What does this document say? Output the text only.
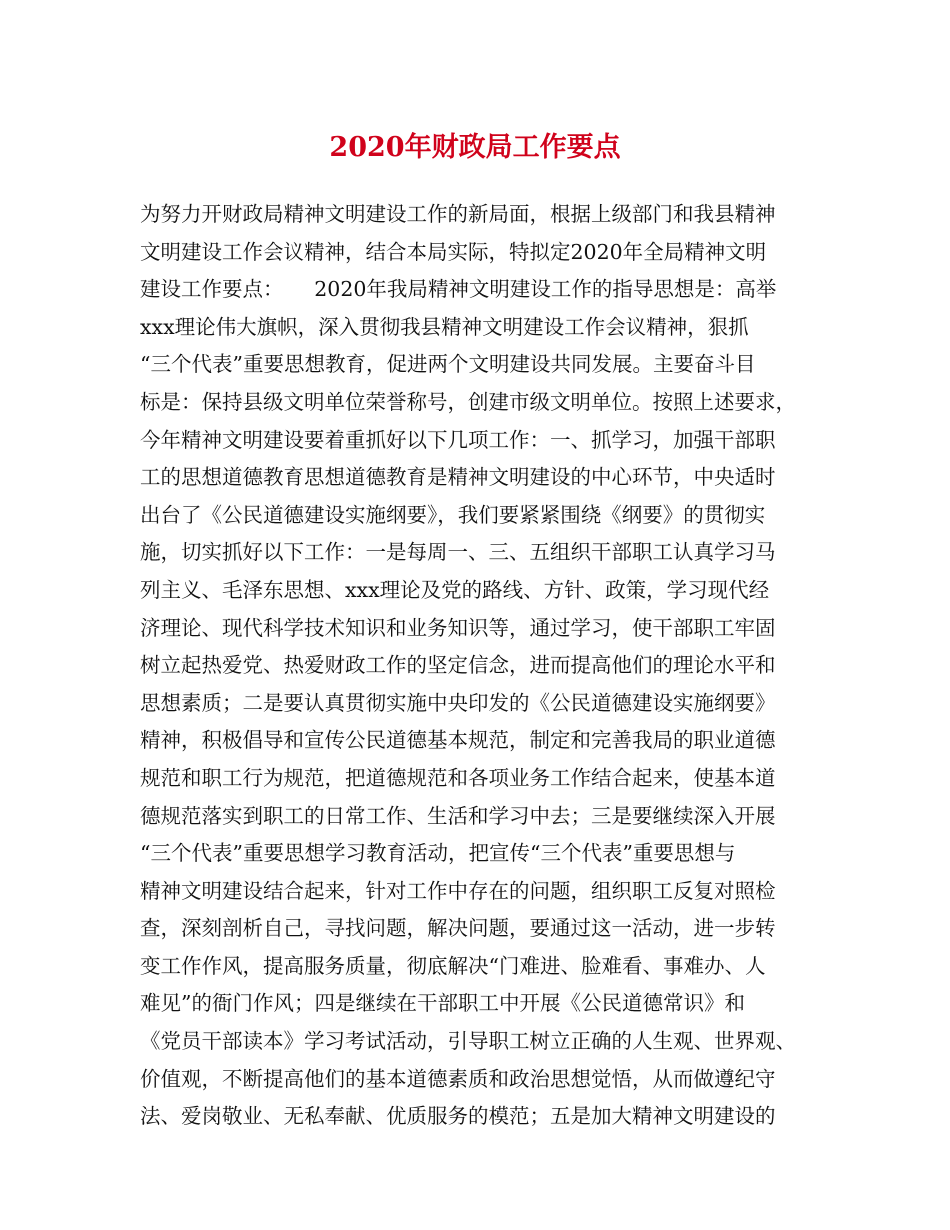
2020年财政局工作要点
为努力开财政局精神文明建设工作的新局面，根据上级部门和我县精神
文明建设工作会议精神，结合本局实际，特拟定2020年全局精神文明
建设工作要点：　　2020年我局精神文明建设工作的指导思想是：高举
xxx理论伟大旗帜，深入贯彻我县精神文明建设工作会议精神，狠抓
“三个代表”重要思想教育，促进两个文明建设共同发展。主要奋斗目
标是：保持县级文明单位荣誉称号，创建市级文明单位。按照上述要求，
今年精神文明建设要着重抓好以下几项工作：一、抓学习，加强干部职
工的思想道德教育思想道德教育是精神文明建设的中心环节，中央适时
出台了《公民道德建设实施纲要》，我们要紧紧围绕《纲要》的贯彻实
施，切实抓好以下工作：一是每周一、三、五组织干部职工认真学习马
列主义、毛泽东思想、xxx理论及党的路线、方针、政策，学习现代经
济理论、现代科学技术知识和业务知识等，通过学习，使干部职工牢固
树立起热爱党、热爱财政工作的坚定信念，进而提高他们的理论水平和
思想素质；二是要认真贯彻实施中央印发的《公民道德建设实施纲要》
精神，积极倡导和宣传公民道德基本规范，制定和完善我局的职业道德
规范和职工行为规范，把道德规范和各项业务工作结合起来，使基本道
德规范落实到职工的日常工作、生活和学习中去；三是要继续深入开展
“三个代表”重要思想学习教育活动，把宣传“三个代表”重要思想与
精神文明建设结合起来，针对工作中存在的问题，组织职工反复对照检
查，深刻剖析自己，寻找问题，解决问题，要通过这一活动，进一步转
变工作作风，提高服务质量，彻底解决“门难进、脸难看、事难办、人
难见”的衙门作风；四是继续在干部职工中开展《公民道德常识》和
《党员干部读本》学习考试活动，引导职工树立正确的人生观、世界观、
价值观，不断提高他们的基本道德素质和政治思想觉悟，从而做遵纪守
法、爱岗敬业、无私奉献、优质服务的模范；五是加大精神文明建设的
